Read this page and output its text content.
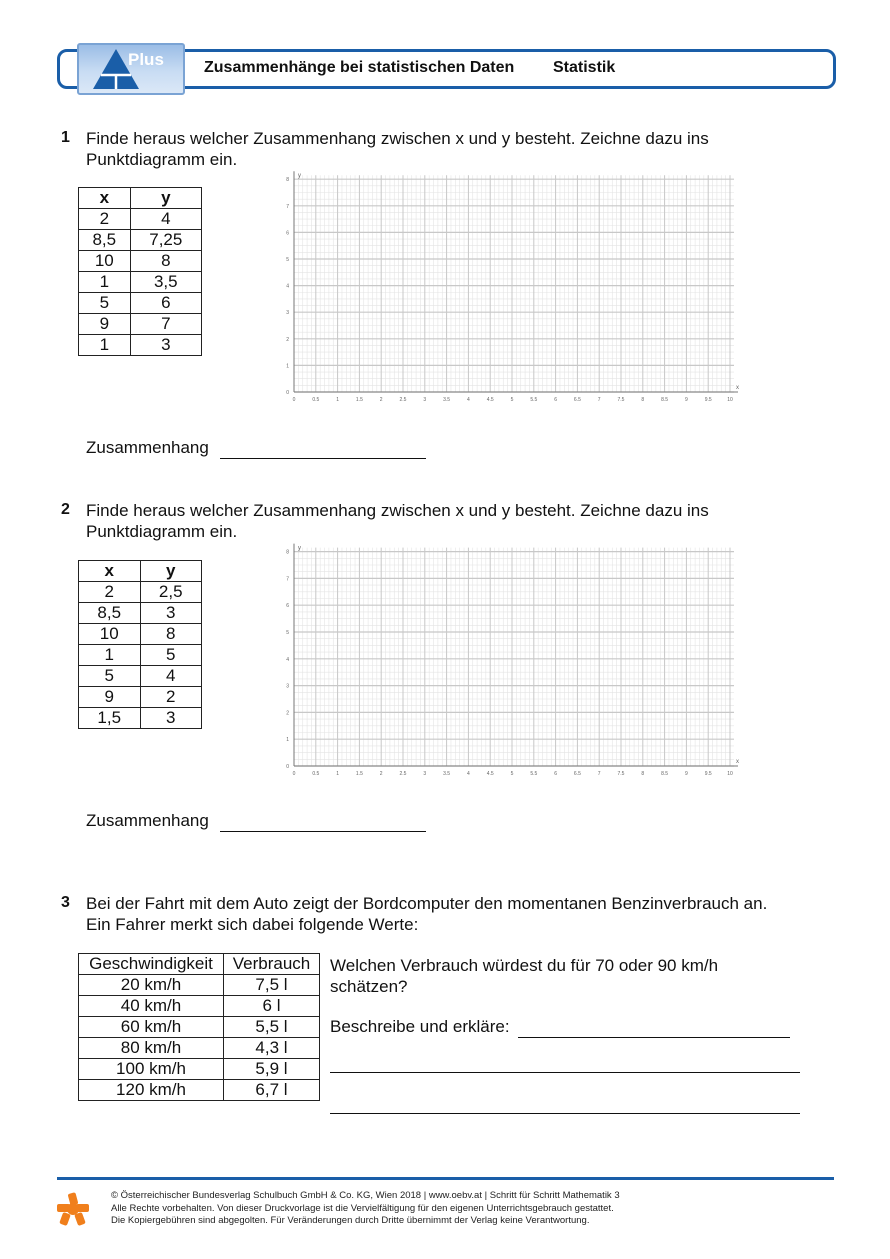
Plus	Zusammenhänge bei statistischen Daten Statistik
1 Finde heraus welcher Zusammenhang zwischen x und y besteht. Zeichne dazu ins
Punktdiagramm ein.
x	y
2	4
8,5	7,25
10	8
1	3,5
5	6
9	7
1	3
0	0.5	1	1.5	2	2.5	3	3.5	4	4.5	5	5.5	6	6.5	7	7.5	8	8.5	9	9.5	10
0
1
2
3
4
5
6
7
8
y
x
Zusammenhang
2 Finde heraus welcher Zusammenhang zwischen x und y besteht. Zeichne dazu ins
Punktdiagramm ein.
x	y
2	2,5
8,5	3
10	8
1	5
5	4
9	2
1,5	3
0	0.5	1	1.5	2	2.5	3	3.5	4	4.5	5	5.5	6	6.5	7	7.5	8	8.5	9	9.5	10
0
1
2
3
4
5
6
7
8
y
x
Zusammenhang
3 Bei der Fahrt mit dem Auto zeigt der Bordcomputer den momentanen Benzinverbrauch an.
Ein Fahrer merkt sich dabei folgende Werte:
Geschwindigkeit	Verbrauch
20 km/h	7,5 l
40 km/h	6 l
60 km/h	5,5 l
80 km/h	4,3 l
100 km/h	5,9 l
120 km/h	6,7 l
Welchen Verbrauch würdest du für 70 oder 90 km/h
schätzen?
Beschreibe und erkläre:
© Österreichischer Bundesverlag Schulbuch GmbH & Co. KG, Wien 2018 | www.oebv.at | Schritt für Schritt Mathematik 3
Alle Rechte vorbehalten. Von dieser Druckvorlage ist die Vervielfältigung für den eigenen Unterrichtsgebrauch gestattet.
Die Kopiergebühren sind abgegolten. Für Veränderungen durch Dritte übernimmt der Verlag keine Verantwortung.
